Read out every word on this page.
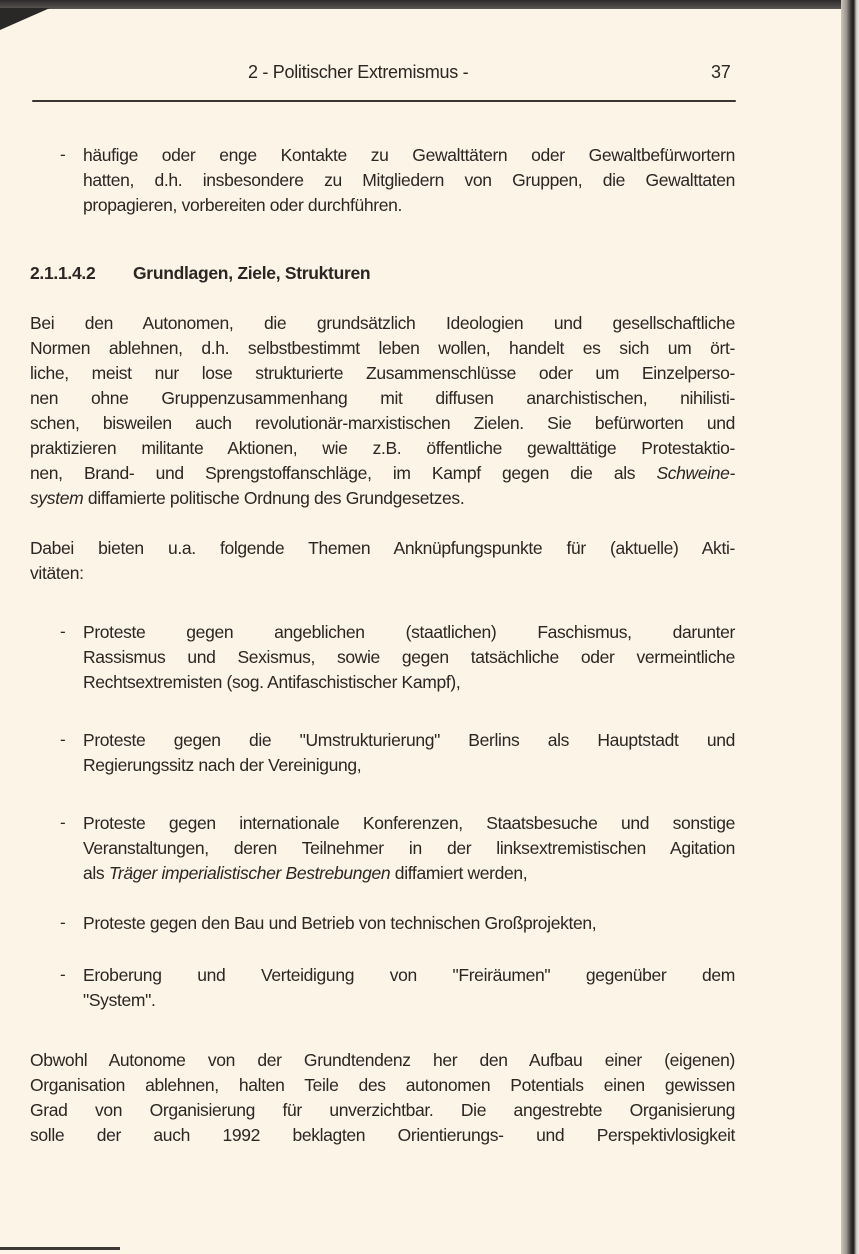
2 - Politischer Extremismus -	37
2.1.1.4.2 Grundlagen, Ziele, Strukturen
- häufige oder enge Kontakte zu Gewalttätern oder Gewaltbefürwortern
hatten, d.h. insbesondere zu Mitgliedern von Gruppen, die Gewalttaten
propagieren, vorbereiten oder durchführen.
Bei den Autonomen, die grundsätzlich Ideologien und gesellschaftliche
Normen ablehnen, d.h. selbstbestimmt leben wollen, handelt es sich um ört-
liche, meist nur lose strukturierte Zusammenschlüsse oder um Einzelperso-
nen ohne Gruppenzusammenhang mit diffusen anarchistischen, nihilisti-
schen, bisweilen auch revolutionär-marxistischen Zielen. Sie befürworten und
praktizieren militante Aktionen, wie z.B. öffentliche gewalttätige Protestaktio-
nen, Brand- und Sprengstoffanschläge, im Kampf gegen die als Schweine-
system diffamierte politische Ordnung des Grundgesetzes.
Dabei bieten u.a. folgende Themen Anknüpfungspunkte für (aktuelle) Akti-
vitäten:
- Proteste gegen angeblichen (staatlichen) Faschismus, darunter
Rassismus und Sexismus, sowie gegen tatsächliche oder vermeintliche
Rechtsextremisten (sog. Antifaschistischer Kampf),
- Proteste gegen die "Umstrukturierung" Berlins als Hauptstadt und
Regierungssitz nach der Vereinigung,
- Proteste gegen internationale Konferenzen, Staatsbesuche und sonstige
Veranstaltungen, deren Teilnehmer in der linksextremistischen Agitation
als Träger imperialistischer Bestrebungen diffamiert werden,
- Proteste gegen den Bau und Betrieb von technischen Großprojekten,
- Eroberung und Verteidigung von "Freiräumen" gegenüber dem
"System".
Obwohl Autonome von der Grundtendenz her den Aufbau einer (eigenen)
Organisation ablehnen, halten Teile des autonomen Potentials einen gewissen
Grad von Organisierung für unverzichtbar. Die angestrebte Organisierung
solle der auch 1992 beklagten Orientierungs- und Perspektivlosigkeit
